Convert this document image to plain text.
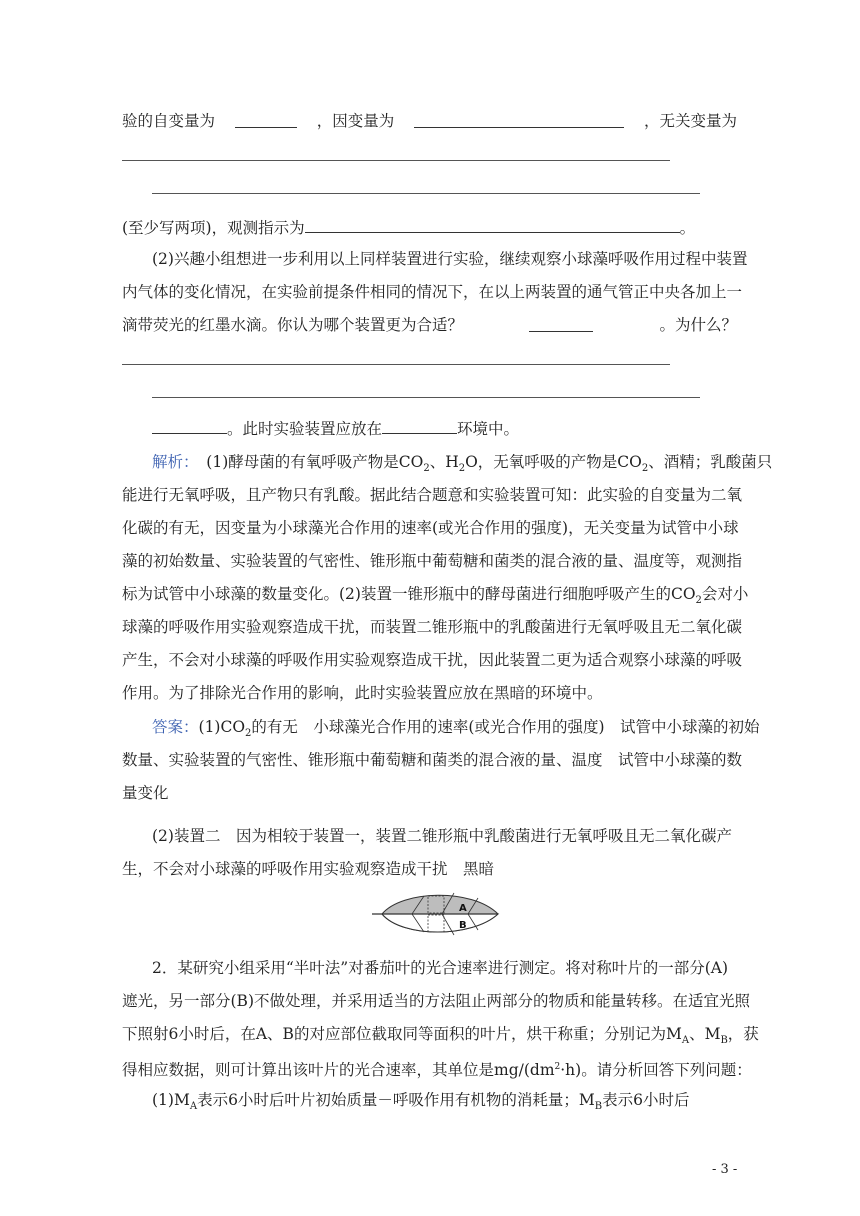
验的自变量为	，因变量为	，无关变量为
(至少写两项)，观测指示为	。
(2)兴趣小组想进一步利用以上同样装置进行实验，继续观察小球藻呼吸作用过程中装置
内气体的变化情况，在实验前提条件相同的情况下，在以上两装置的通气管正中央各加上一
滴带荧光的红墨水滴。你认为哪个装置更为合适？	。为什么？
。此时实验装置应放在	环境中。
解析：　 (1)酵母菌的有氧呼吸产物是$CO_2$、$H_2O$，无氧呼吸的产物是$CO_2$、酒精；乳酸菌只
能进行无氧呼吸，且产物只有乳酸。据此结合题意和实验装置可知：此实验的自变量为二氧
化碳的有无，因变量为小球藻光合作用的速率(或光合作用的强度)，无关变量为试管中小球
藻的初始数量、实验装置的气密性、锥形瓶中葡萄糖和菌类的混合液的量、温度等，观测指
标为试管中小球藻的数量变化。(2)装置一锥形瓶中的酵母菌进行细胞呼吸产生的$CO_2$会对小
球藻的呼吸作用实验观察造成干扰，而装置二锥形瓶中的乳酸菌进行无氧呼吸且无二氧化碳
产生，不会对小球藻的呼吸作用实验观察造成干扰，因此装置二更为适合观察小球藻的呼吸
作用。为了排除光合作用的影响，此时实验装置应放在黑暗的环境中。
答案：$(1)CO_2$的有无　小球藻光合作用的速率(或光合作用的强度)　试管中小球藻的初始
数量、实验装置的气密性、锥形瓶中葡萄糖和菌类的混合液的量、温度　试管中小球藻的数
量变化
(2)装置二　因为相较于装置一，装置二锥形瓶中乳酸菌进行无氧呼吸且无二氧化碳产
生，不会对小球藻的呼吸作用实验观察造成干扰　黑暗
A
B
2．某研究小组采用“半叶法”对番茄叶的光合速率进行测定。将对称叶片的一部分(A)
遮光，另一部分(B)不做处理，并采用适当的方法阻止两部分的物质和能量转移。在适宜光照
下照射6小时后，在A、B的对应部位截取同等面积的叶片，烘干称重；分别记为$M_A$、$M_B$，获
得相应数据，则可计算出该叶片的光合速率，其单位是$mg/(dm^2\cdot h)$。请分析回答下列问题：
$(1)M_A$表示6小时后叶片初始质量－呼吸作用有机物的消耗量；$M_B$表示6小时后
- 3 -
